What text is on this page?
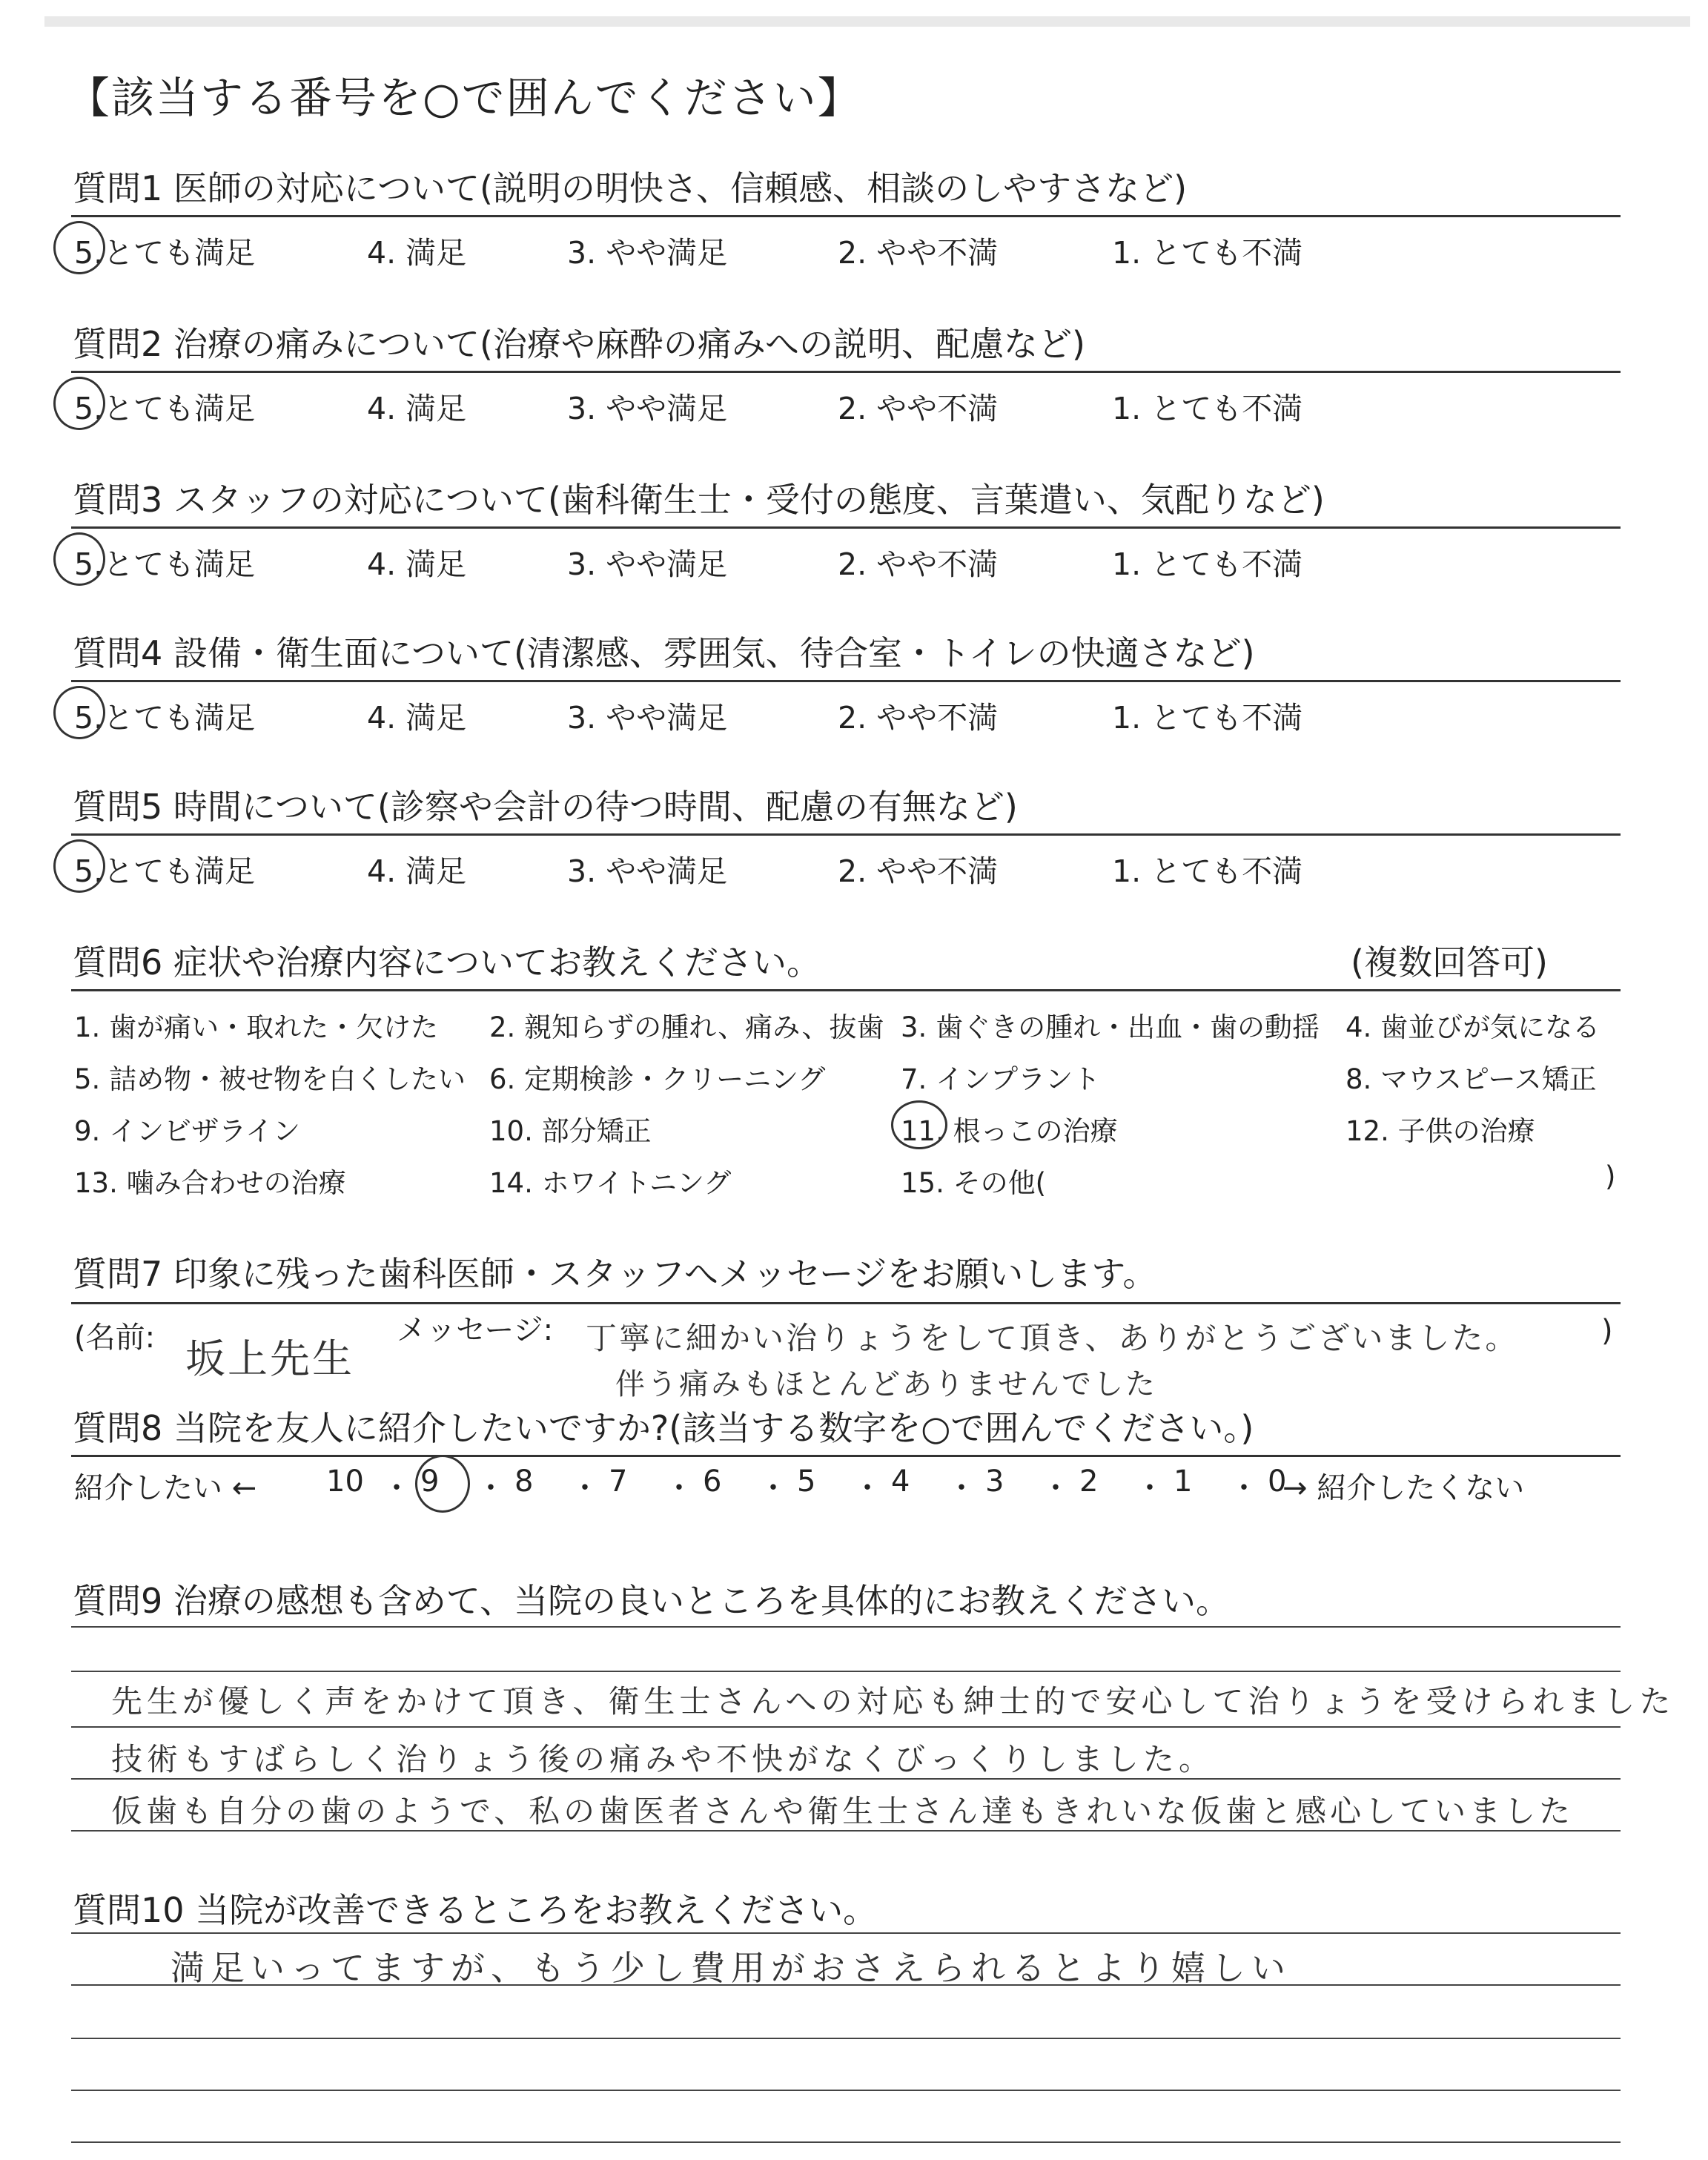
【該当する番号を○で囲んでください】
質問1 医師の対応について(説明の明快さ、信頼感、相談のしやすさなど)
5.とても満足	4. 満足	3. やや満足	2. やや不満	1. とても不満
質問2 治療の痛みについて(治療や麻酔の痛みへの説明、配慮など)
5.とても満足	4. 満足	3. やや満足	2. やや不満	1. とても不満
質問3 スタッフの対応について(歯科衛生士・受付の態度、言葉遣い、気配りなど)
5.とても満足	4. 満足	3. やや満足	2. やや不満	1. とても不満
質問4 設備・衛生面について(清潔感、雰囲気、待合室・トイレの快適さなど)
5.とても満足	4. 満足	3. やや満足	2. やや不満	1. とても不満
質問5 時間について(診察や会計の待つ時間、配慮の有無など)
5.とても満足	4. 満足	3. やや満足	2. やや不満	1. とても不満
質問6 症状や治療内容についてお教えください。	(複数回答可)
1. 歯が痛い・取れた・欠けた 2. 親知らずの腫れ、痛み、抜歯 3. 歯ぐきの腫れ・出血・歯の動揺 4. 歯並びが気になる
5. 詰め物・被せ物を白くしたい 6. 定期検診・クリーニング	7. インプラント	8. マウスピース矯正
9. インビザライン	10. 部分矯正	11. 根っこの治療	12. 子供の治療
13. 噛み合わせの治療	14. ホワイトニング	15. その他(	)
質問7 印象に残った歯科医師・スタッフへメッセージをお願いします。
(名前: 坂上先生
メッセージ: 丁寧に細かい治りょうをして頂き、ありがとうございました。
伴う痛みもほとんどありませんでした
)
質問8 当院を友人に紹介したいですか?(該当する数字を○で囲んでください。)
紹介したい ← 10 ・ 9 ・ 8 ・ 7 ・ 6 ・ 5 ・ 4 ・ 3 ・ 2 ・ 1 ・ 0
→ 紹介したくない
質問9 治療の感想も含めて、当院の良いところを具体的にお教えください。
先生が優しく声をかけて頂き、衛生士さんへの対応も紳士的で安心して治りょうを受けられました
技術もすばらしく治りょう後の痛みや不快がなくびっくりしました。
仮歯も自分の歯のようで、私の歯医者さんや衛生士さん達もきれいな仮歯と感心していました
質問10 当院が改善できるところをお教えください。
満足いってますが、もう少し費用がおさえられるとより嬉しい
